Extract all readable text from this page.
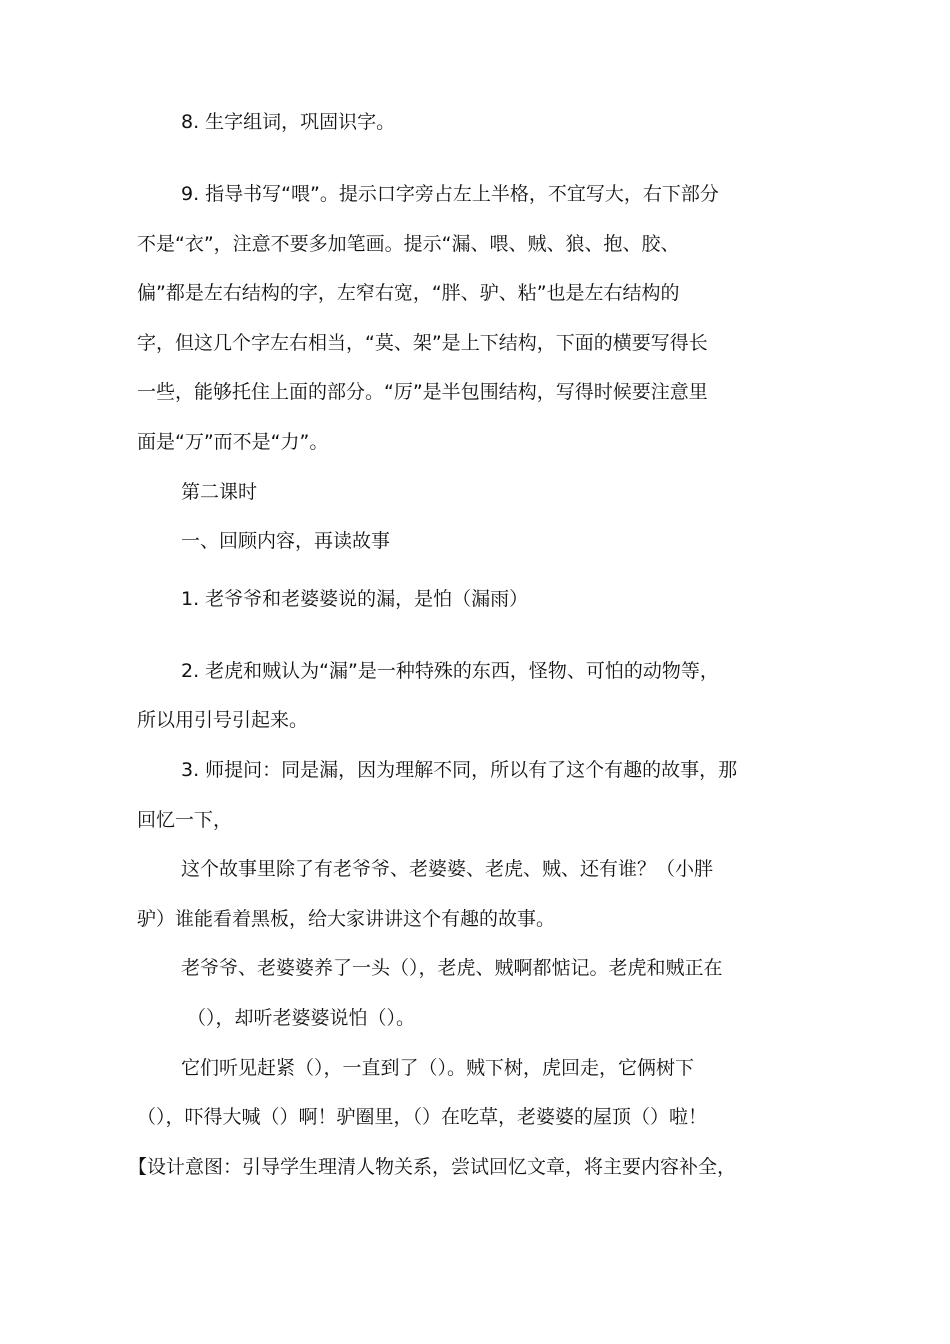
8. 生字组词，巩固识字。
9. 指导书写“喂”。提示口字旁占左上半格，不宜写大，右下部分
不是“衣”，注意不要多加笔画。提示“漏、喂、贼、狼、抱、胶、
偏”都是左右结构的字，左窄右宽，“胖、驴、粘”也是左右结构的
字，但这几个字左右相当，“莫、架”是上下结构，下面的横要写得长
一些，能够托住上面的部分。“厉”是半包围结构，写得时候要注意里
面是“万”而不是“力”。
第二课时
一、回顾内容，再读故事
1. 老爷爷和老婆婆说的漏，是怕（漏雨）
2. 老虎和贼认为“漏”是一种特殊的东西，怪物、可怕的动物等，
所以用引号引起来。
3. 师提问：同是漏，因为理解不同，所以有了这个有趣的故事，那
回忆一下，
这个故事里除了有老爷爷、老婆婆、老虎、贼、还有谁？（小胖
驴）谁能看着黑板，给大家讲讲这个有趣的故事。
老爷爷、老婆婆养了一头（），老虎、贼啊都惦记。老虎和贼正在
（），却听老婆婆说怕（）。
它们听见赶紧（），一直到了（）。贼下树，虎回走，它俩树下
（），吓得大喊（）啊！驴圈里，（）在吃草，老婆婆的屋顶（）啦！
【设计意图：引导学生理清人物关系，尝试回忆文章，将主要内容补全，
